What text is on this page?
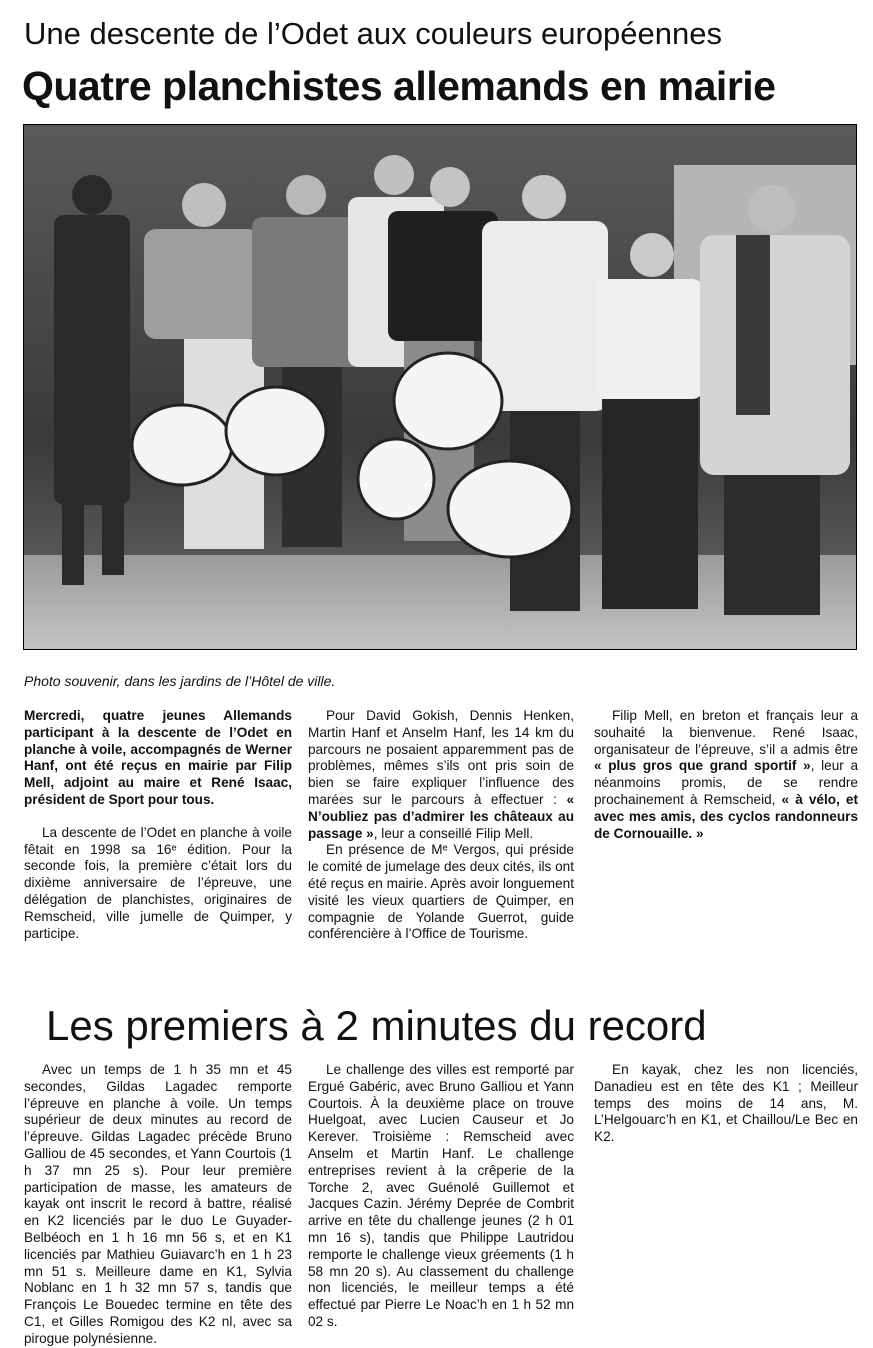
Une descente de l’Odet aux couleurs européennes
Quatre planchistes allemands en mairie
Photo souvenir, dans les jardins de l’Hôtel de ville.

Mercredi, quatre jeunes Allemands participant à la descente de l’Odet en planche à voile, accompagnés de Werner Hanf, ont été reçus en mairie par Filip Mell, adjoint au maire et René Isaac, président de Sport pour tous.

La descente de l’Odet en planche à voile fêtait en 1998 sa 16ᵉ édition. Pour la seconde fois, la première c’était lors du dixième anniversaire de l’épreuve, une délégation de planchistes, originaires de Remscheid, ville jumelle de Quimper, y participe.

Pour David Gokish, Dennis Henken, Martin Hanf et Anselm Hanf, les 14 km du parcours ne posaient apparemment pas de problèmes, mêmes s’ils ont pris soin de bien se faire expliquer l’influence des marées sur le parcours à effectuer : « N’oubliez pas d’admirer les châteaux au passage », leur a conseillé Filip Mell.

En présence de Mᵉ Vergos, qui préside le comité de jumelage des deux cités, ils ont été reçus en mairie. Après avoir longuement visité les vieux quartiers de Quimper, en compagnie de Yolande Guerrot, guide conférencière à l’Office de Tourisme.

Filip Mell, en breton et français leur a souhaité la bienvenue. René Isaac, organisateur de l’épreuve, s’il a admis être « plus gros que grand sportif », leur a néanmoins promis, de se rendre prochainement à Remscheid, « à vélo, et avec mes amis, des cyclos randonneurs de Cornouaille. »

Les premiers à 2 minutes du record

Avec un temps de 1 h 35 mn et 45 secondes, Gildas Lagadec remporte l’épreuve en planche à voile. Un temps supérieur de deux minutes au record de l’épreuve. Gildas Lagadec précède Bruno Galliou de 45 secondes, et Yann Courtois (1 h 37 mn 25 s). Pour leur première participation de masse, les amateurs de kayak ont inscrit le record à battre, réalisé en K2 licenciés par le duo Le Guyader-Belbéoch en 1 h 16 mn 56 s, et en K1 licenciés par Mathieu Guiavarc’h en 1 h 23 mn 51 s. Meilleure dame en K1, Sylvia Noblanc en 1 h 32 mn 57 s, tandis que François Le Bouedec termine en tête des C1, et Gilles Romigou des K2 nl, avec sa pirogue polynésienne.

Le challenge des villes est remporté par Ergué Gabéric, avec Bruno Galliou et Yann Courtois. À la deuxième place on trouve Huelgoat, avec Lucien Causeur et Jo Kerever. Troisième : Remscheid avec Anselm et Martin Hanf. Le challenge entreprises revient à la crêperie de la Torche 2, avec Guénolé Guillemot et Jacques Cazin. Jérémy Deprée de Combrit arrive en tête du challenge jeunes (2 h 01 mn 16 s), tandis que Philippe Lautridou remporte le challenge vieux gréements (1 h 58 mn 20 s). Au classement du challenge non licenciés, le meilleur temps a été effectué par Pierre Le Noac’h en 1 h 52 mn 02 s.

En kayak, chez les non licenciés, Danadieu est en tête des K1 ; Meilleur temps des moins de 14 ans, M. L’Helgouarc’h en K1, et Chaillou/Le Bec en K2.
